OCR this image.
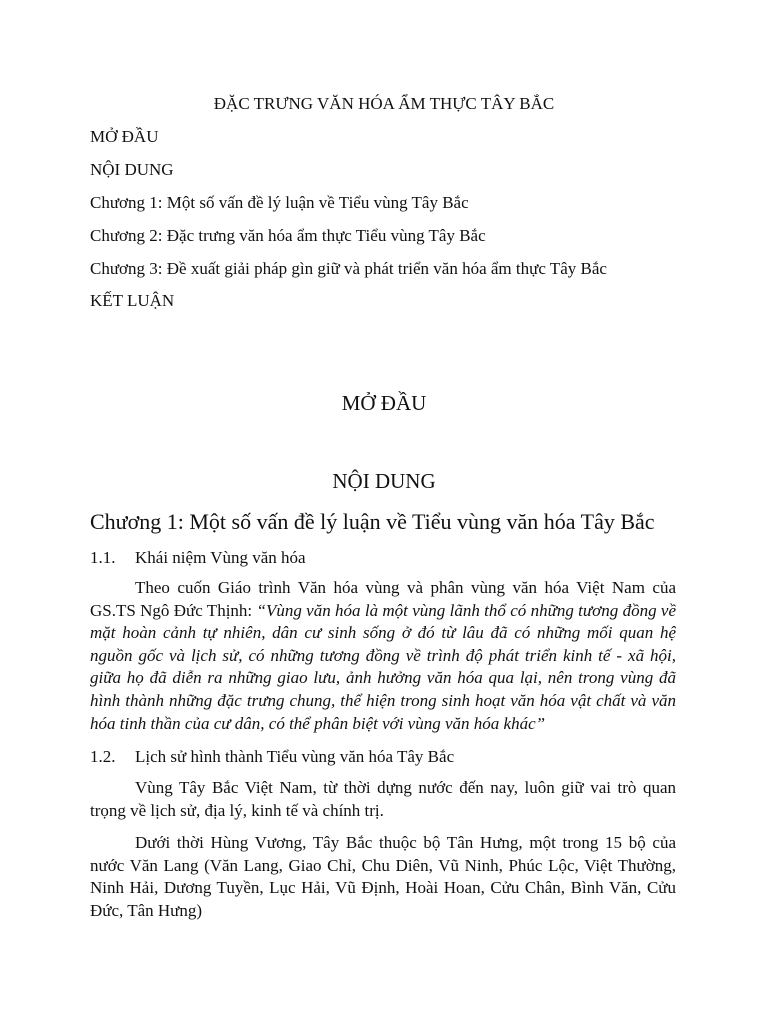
ĐẶC TRƯNG VĂN HÓA ẨM THỰC TÂY BẮC

MỞ ĐẦU

NỘI DUNG

Chương 1: Một số vấn đề lý luận về Tiểu vùng Tây Bắc

Chương 2: Đặc trưng văn hóa ẩm thực Tiểu vùng Tây Bắc

Chương 3: Đề xuất giải pháp gìn giữ và phát triển văn hóa ẩm thực Tây Bắc

KẾT LUẬN

MỞ ĐẦU
NỘI DUNG
Chương 1: Một số vấn đề lý luận về Tiểu vùng văn hóa Tây Bắc

1.1. Khái niệm Vùng văn hóa

Theo cuốn Giáo trình Văn hóa vùng và phân vùng văn hóa Việt Nam của GS.TS Ngô Đức Thịnh: “Vùng văn hóa là một vùng lãnh thổ có những tương đồng về mặt hoàn cảnh tự nhiên, dân cư sinh sống ở đó từ lâu đã có những mối quan hệ nguồn gốc và lịch sử, có những tương đồng về trình độ phát triển kinh tế - xã hội, giữa họ đã diễn ra những giao lưu, ảnh hưởng văn hóa qua lại, nên trong vùng đã hình thành những đặc trưng chung, thể hiện trong sinh hoạt văn hóa vật chất và văn hóa tinh thần của cư dân, có thể phân biệt với vùng văn hóa khác”

1.2. Lịch sử hình thành Tiểu vùng văn hóa Tây Bắc

Vùng Tây Bắc Việt Nam, từ thời dựng nước đến nay, luôn giữ vai trò quan trọng về lịch sử, địa lý, kinh tế và chính trị.

Dưới thời Hùng Vương, Tây Bắc thuộc bộ Tân Hưng, một trong 15 bộ của nước Văn Lang (Văn Lang, Giao Chỉ, Chu Diên, Vũ Ninh, Phúc Lộc, Việt Thường, Ninh Hải, Dương Tuyền, Lục Hải, Vũ Định, Hoài Hoan, Cửu Chân, Bình Văn, Cửu Đức, Tân Hưng)
